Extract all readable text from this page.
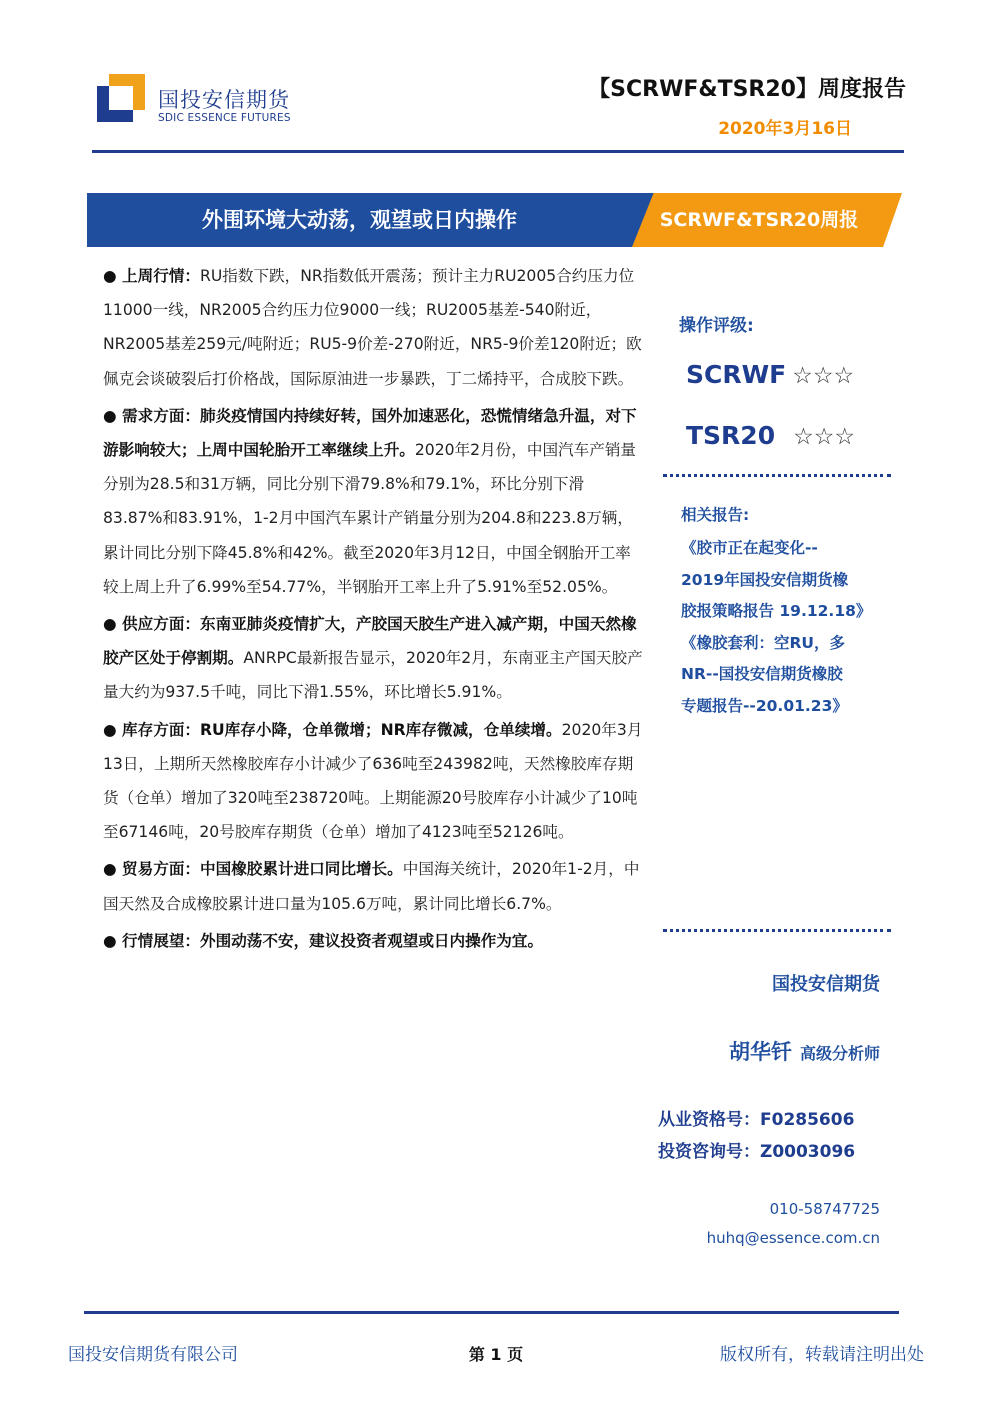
国投安信期货
SDIC ESSENCE FUTURES
【SCRWF&TSR20】周度报告
2020年3月16日
外围环境大动荡，观望或日内操作	SCRWF&TSR20周报

● 上周行情：RU指数下跌，NR指数低开震荡；预计主力RU2005合约压力位11000一线，NR2005合约压力位9000一线；RU2005基差-540附近，NR2005基差259元/吨附近；RU5-9价差-270附近，NR5-9价差120附近；欧佩克会谈破裂后打价格战，国际原油进一步暴跌，丁二烯持平，合成胶下跌。

● 需求方面：肺炎疫情国内持续好转，国外加速恶化，恐慌情绪急升温，对下游影响较大；上周中国轮胎开工率继续上升。2020年2月份，中国汽车产销量分别为28.5和31万辆，同比分别下滑79.8%和79.1%，环比分别下滑83.87%和83.91%，1-2月中国汽车累计产销量分别为204.8和223.8万辆，累计同比分别下降45.8%和42%。截至2020年3月12日，中国全钢胎开工率较上周上升了6.99%至54.77%，半钢胎开工率上升了5.91%至52.05%。

● 供应方面：东南亚肺炎疫情扩大，产胶国天胶生产进入减产期，中国天然橡胶产区处于停割期。ANRPC最新报告显示，2020年2月，东南亚主产国天胶产量大约为937.5千吨，同比下滑1.55%，环比增长5.91%。

● 库存方面：RU库存小降，仓单微增；NR库存微减，仓单续增。2020年3月13日，上期所天然橡胶库存小计减少了636吨至243982吨，天然橡胶库存期货（仓单）增加了320吨至238720吨。上期能源20号胶库存小计减少了10吨至67146吨，20号胶库存期货（仓单）增加了4123吨至52126吨。

● 贸易方面：中国橡胶累计进口同比增长。中国海关统计，2020年1-2月，中国天然及合成橡胶累计进口量为105.6万吨，累计同比增长6.7%。

● 行情展望：外围动荡不安，建议投资者观望或日内操作为宜。

操作评级:
SCRWF ☆☆☆
TSR20 ☆☆☆
相关报告:
《胶市正在起变化--
2019年国投安信期货橡
胶报策略报告 19.12.18》
《橡胶套利：空RU，多
NR--国投安信期货橡胶
专题报告--20.01.23》
国投安信期货
胡华钎 高级分析师
从业资格号：F0285606
投资咨询号：Z0003096
010-58747725
huhq@essence.com.cn
国投安信期货有限公司	第 1 页	版权所有，转载请注明出处
